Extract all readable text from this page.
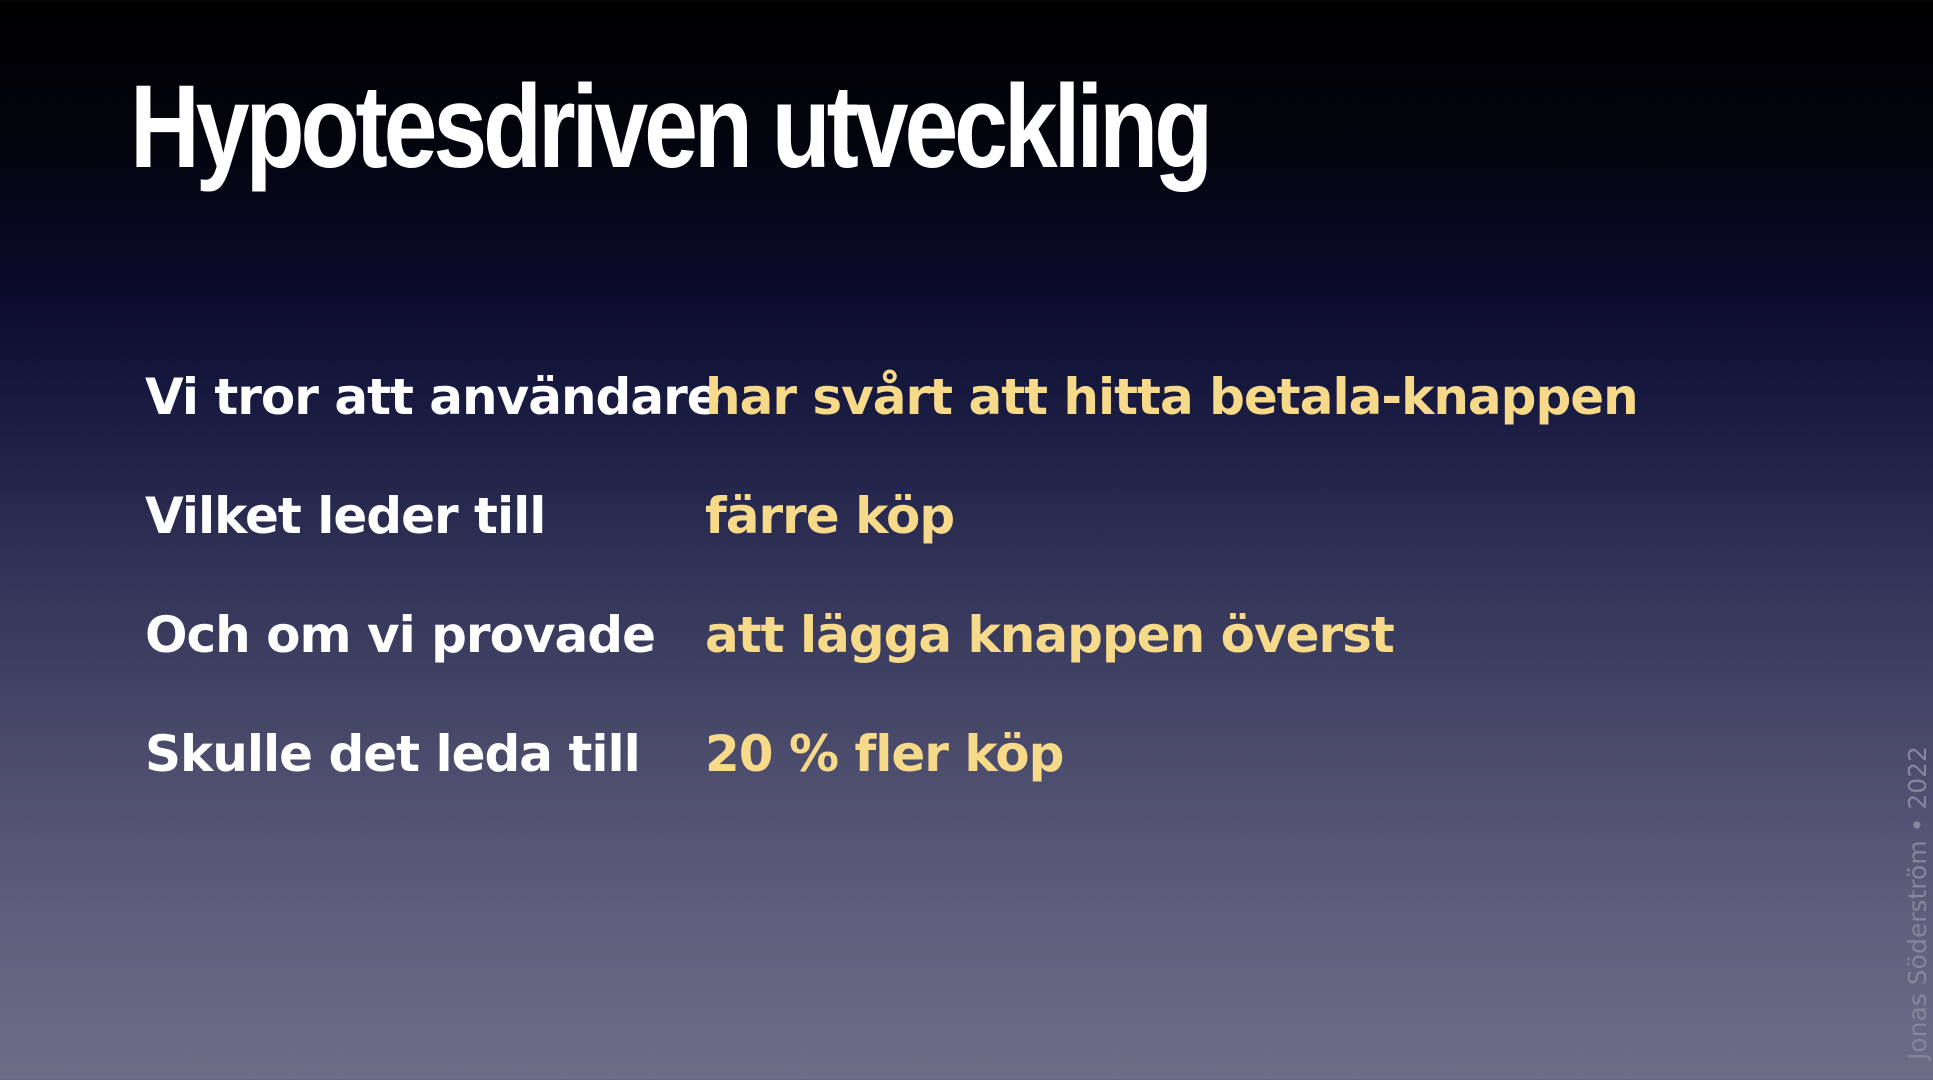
Hypotesdriven utveckling
Vi tror att användare
har svårt att hitta betala-knappen
Vilket leder till	färre köp
Och om vi provade att lägga knappen överst
Skulle det leda till 20 % fler köp	Jonas Söderström • 2022
